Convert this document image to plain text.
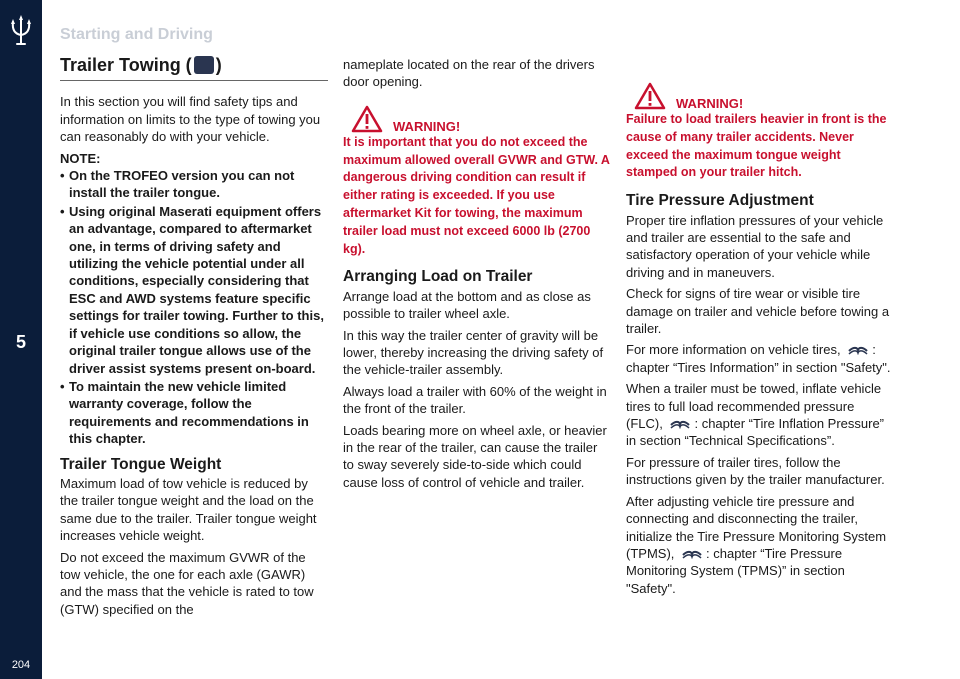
5
204
Starting and Driving
Trailer Towing ( )

In this section you will find safety tips and information on limits to the type of towing you can reasonably do with your vehicle.

NOTE:
• On the TROFEO version you can not install the trailer tongue.
• Using original Maserati equipment offers an advantage, compared to aftermarket one, in terms of driving safety and utilizing the vehicle potential under all conditions, especially considering that ESC and AWD systems feature specific settings for trailer towing. Further to this, if vehicle use conditions so allow, the original trailer tongue allows use of the driver assist systems present on-board.
• To maintain the new vehicle limited warranty coverage, follow the requirements and recommendations in this chapter.
Trailer Tongue Weight

Maximum load of tow vehicle is reduced by the trailer tongue weight and the load on the same due to the trailer. Trailer tongue weight increases vehicle weight.

Do not exceed the maximum GVWR of the tow vehicle, the one for each axle (GAWR) and the mass that the vehicle is rated to tow (GTW) specified on the

nameplate located on the rear of the drivers door opening.

WARNING!
It is important that you do not exceed the maximum allowed overall GVWR and GTW. A dangerous driving condition can result if either rating is exceeded. If you use aftermarket Kit for towing, the maximum trailer load must not exceed 6000 lb (2700 kg).
Arranging Load on Trailer

Arrange load at the bottom and as close as possible to trailer wheel axle.

In this way the trailer center of gravity will be lower, thereby increasing the driving safety of the vehicle-trailer assembly.

Always load a trailer with 60% of the weight in the front of the trailer.

Loads bearing more on wheel axle, or heavier in the rear of the trailer, can cause the trailer to sway severely side-to-side which could cause loss of control of vehicle and trailer.

WARNING!
Failure to load trailers heavier in front is the cause of many trailer accidents. Never exceed the maximum tongue weight stamped on your trailer hitch.
Tire Pressure Adjustment

Proper tire inflation pressures of your vehicle and trailer are essential to the safe and satisfactory operation of your vehicle while driving and in maneuvers.

Check for signs of tire wear or visible tire damage on trailer and vehicle before towing a trailer.

For more information on vehicle tires, : chapter “Tires Information” in section "Safety".

When a trailer must be towed, inflate vehicle tires to full load recommended pressure (FLC), : chapter “Tire Inflation Pressure” in section “Technical Specifications”.

For pressure of trailer tires, follow the instructions given by the trailer manufacturer.

After adjusting vehicle tire pressure and connecting and disconnecting the trailer, initialize the Tire Pressure Monitoring System (TPMS), : chapter “Tire Pressure Monitoring System (TPMS)” in section "Safety".
